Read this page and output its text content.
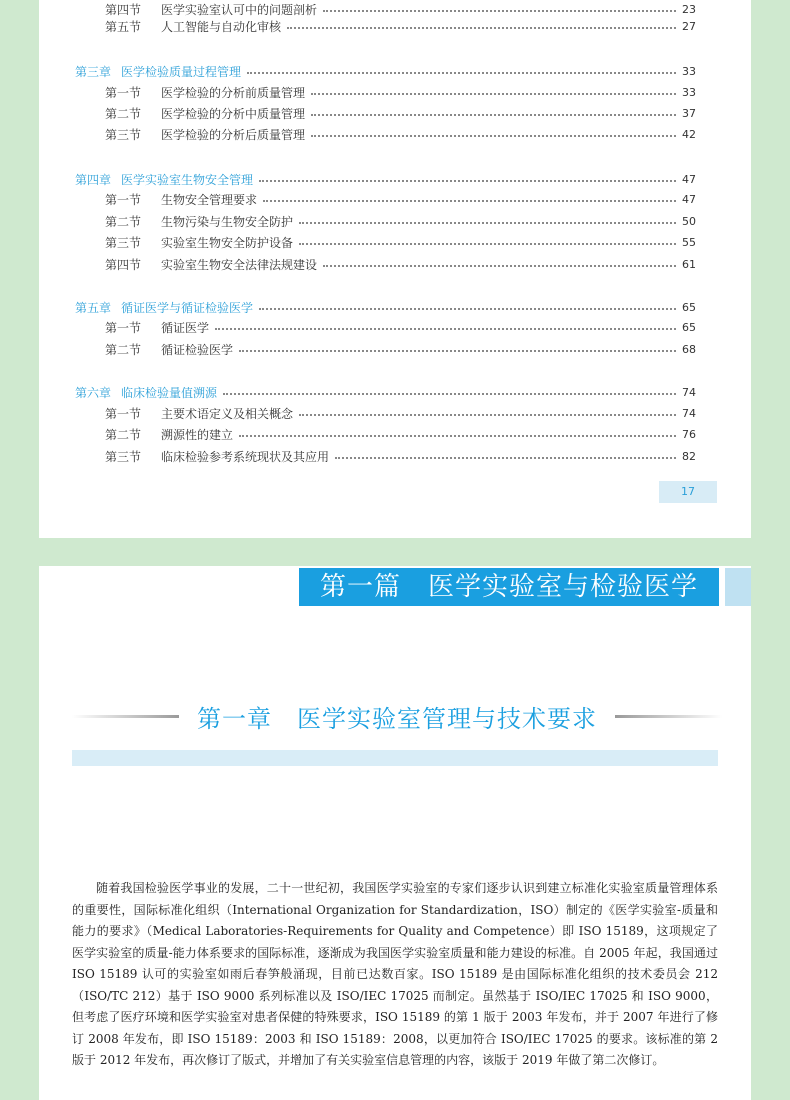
第四节 医学实验室认可中的问题剖析	23
第五节 人工智能与自动化审核	27
第三章 医学检验质量过程管理	33
第一节 医学检验的分析前质量管理	33
第二节 医学检验的分析中质量管理	37
第三节 医学检验的分析后质量管理	42
第四章 医学实验室生物安全管理	47
第一节 生物安全管理要求	47
第二节 生物污染与生物安全防护	50
第三节 实验室生物安全防护设备	55
第四节 实验室生物安全法律法规建设	61
第五章 循证医学与循证检验医学	65
第一节 循证医学	65
第二节 循证检验医学	68
第六章 临床检验量值溯源	74
第一节 主要术语定义及相关概念	74
第二节 溯源性的建立	76
第三节 临床检验参考系统现状及其应用	82
17
第一篇　医学实验室与检验医学
第一章　医学实验室管理与技术要求

随着我国检验医学事业的发展，二十一世纪初，我国医学实验室的专家们逐步认识到建立标准化实验室质量管理体系的重要性，国际标准化组织（International Organization for Standardization，ISO）制定的《医学实验室-质量和能力的要求》（Medical Laboratories-Requirements for Quality and Competence）即 ISO 15189，这项规定了医学实验室的质量-能力体系要求的国际标准，逐渐成为我国医学实验室质量和能力建设的标准。自 2005 年起，我国通过 ISO 15189 认可的实验室如雨后春笋般涌现，目前已达数百家。ISO 15189 是由国际标准化组织的技术委员会 212（ISO/TC 212）基于 ISO 9000 系列标准以及 ISO/IEC 17025 而制定。虽然基于 ISO/IEC 17025 和 ISO 9000，但考虑了医疗环境和医学实验室对患者保健的特殊要求，ISO 15189 的第 1 版于 2003 年发布，并于 2007 年进行了修订 2008 年发布，即 ISO 15189：2003 和 ISO 15189：2008，以更加符合 ISO/IEC 17025 的要求。该标准的第 2 版于 2012 年发布，再次修订了版式，并增加了有关实验室信息管理的内容，该版于 2019 年做了第二次修订。
